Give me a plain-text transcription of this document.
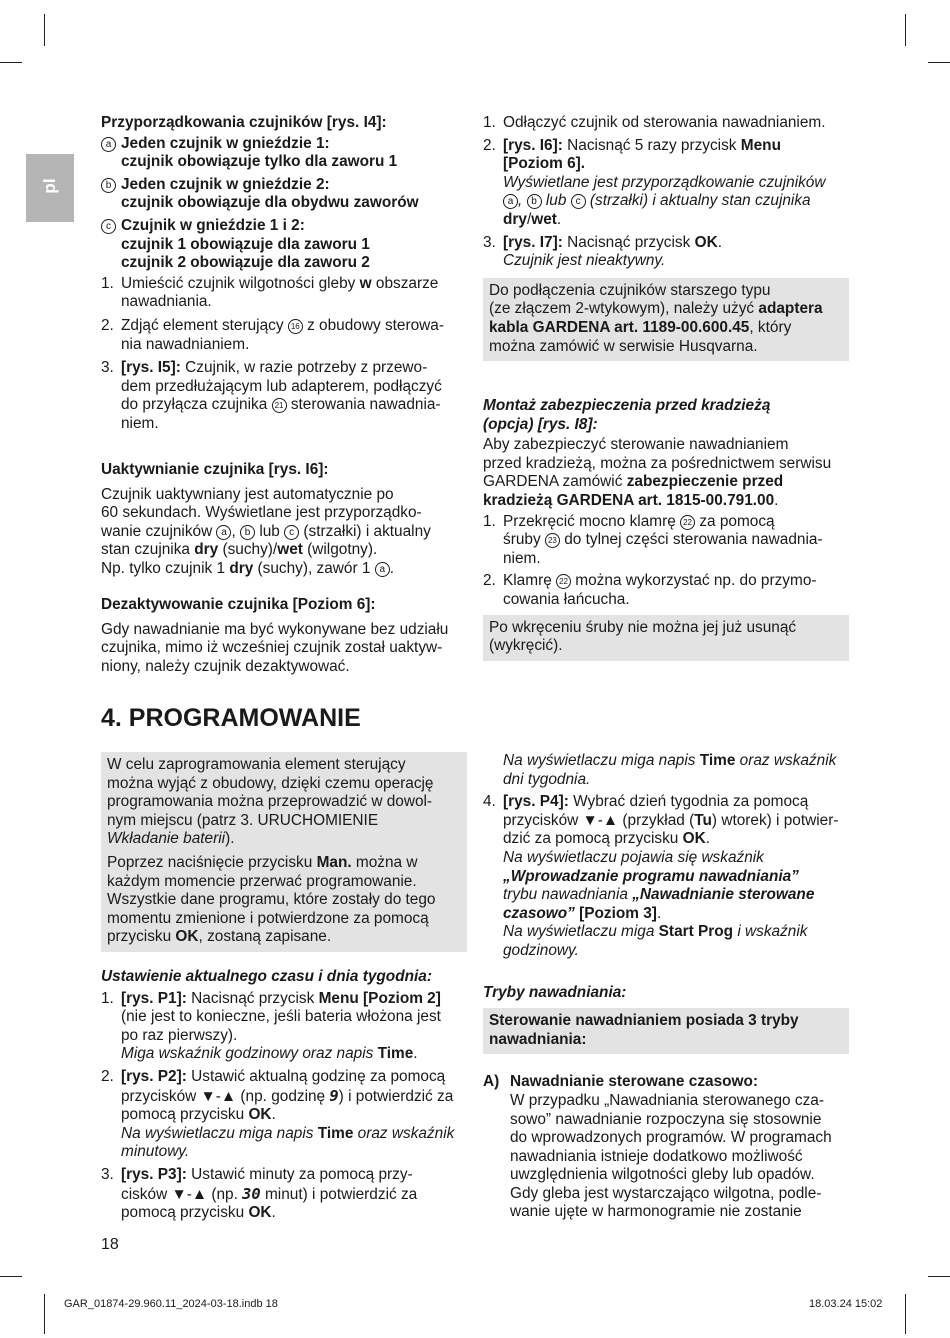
pl

Przyporządkowania czujników [rys. I4]:

a Jeden czujnik w gnieździe 1:
czujnik obowiązuje tylko dla zaworu 1
b Jeden czujnik w gnieździe 2:
czujnik obowiązuje dla obydwu zaworów
c Czujnik w gnieździe 1 i 2:
czujnik 1 obowiązuje dla zaworu 1
czujnik 2 obowiązuje dla zaworu 2
1. Umieścić czujnik wilgotności gleby w obszarze
nawadniania.
2. Zdjąć element sterujący 16 z obudowy sterowa-
nia nawadnianiem.
3. [rys. I5]: Czujnik, w razie potrzeby z przewo-
dem przedłużającym lub adapterem, podłączyć
do przyłącza czujnika 21 sterowania nawadnia-
niem.

Uaktywnianie czujnika [rys. I6]:

Czujnik uaktywniany jest automatycznie po
60 sekundach. Wyświetlane jest przyporządko-
wanie czujników a , b lub c (strzałki) i aktualny
stan czujnika dry (suchy)/wet (wilgotny).
Np. tylko czujnik 1 dry (suchy), zawór 1 a .

Dezaktywowanie czujnika [Poziom 6]:

Gdy nawadnianie ma być wykonywane bez udziału
czujnika, mimo iż wcześniej czujnik został uaktyw-
niony, należy czujnik dezaktywować.
1. Odłączyć czujnik od sterowania nawadnianiem.
2. [rys. I6]: Nacisnąć 5 razy przycisk Menu
[Poziom 6].
Wyświetlane jest przyporządkowanie czujników
a , b lub c (strzałki) i aktualny stan czujnika
dry/wet.
3. [rys. I7]: Nacisnąć przycisk OK.
Czujnik jest nieaktywny.
Do podłączenia czujników starszego typu
(ze złączem 2-wtykowym), należy użyć adaptera
kabla GARDENA art. 1189-00.600.45, który
można zamówić w serwisie Husqvarna.

Montaż zabezpieczenia przed kradzieżą

(opcja) [rys. I8]:

Aby zabezpieczyć sterowanie nawadnianiem
przed kradzieżą, można za pośrednictwem serwisu
GARDENA zamówić zabezpieczenie przed
kradzieżą GARDENA art. 1815-00.791.00.
1. Przekręcić mocno klamrę 22 za pomocą
śruby 23 do tylnej części sterowania nawadnia-
niem.
2. Klamrę 22 można wykorzystać np. do przymo-
cowania łańcucha.
Po wkręceniu śruby nie można jej już usunąć
(wykręcić).
4. PROGRAMOWANIE
W celu zaprogramowania element sterujący
można wyjąć z obudowy, dzięki czemu operację
programowania można przeprowadzić w dowol-
nym miejscu (patrz 3. URUCHOMIENIE
Wkładanie baterii).
Poprzez naciśnięcie przycisku Man. można w
każdym momencie przerwać programowanie.
Wszystkie dane programu, które zostały do tego
momentu zmienione i potwierdzone za pomocą
przycisku OK, zostaną zapisane.

Ustawienie aktualnego czasu i dnia tygodnia:

1. [rys. P1]: Nacisnąć przycisk Menu [Poziom 2]
(nie jest to konieczne, jeśli bateria włożona jest
po raz pierwszy).
Miga wskaźnik godzinowy oraz napis Time.
2. [rys. P2]: Ustawić aktualną godzinę za pomocą
przycisków ▼-▲ (np. godzinę 9) i potwierdzić za
pomocą przycisku OK.
Na wyświetlaczu miga napis Time oraz wskaźnik
minutowy.
3. [rys. P3]: Ustawić minuty za pomocą przy-
cisków ▼-▲ (np. 30 minut) i potwierdzić za
pomocą przycisku OK.
Na wyświetlaczu miga napis Time oraz wskaźnik
dni tygodnia.
4. [rys. P4]: Wybrać dzień tygodnia za pomocą
przycisków ▼-▲ (przykład (Tu) wtorek) i potwier-
dzić za pomocą przycisku OK.
Na wyświetlaczu pojawia się wskaźnik
„Wprowadzanie programu nawadniania”
trybu nawadniania „Nawadnianie sterowane
czasowo” [Poziom 3].
Na wyświetlaczu miga Start Prog i wskaźnik
godzinowy.

Tryby nawadniania:

Sterowanie nawadnianiem posiada 3 tryby
nawadniania:
A) Nawadnianie sterowane czasowo:
W przypadku „Nawadniania sterowanego cza-
sowo” nawadnianie rozpoczyna się stosownie
do wprowadzonych programów. W programach
nawadniania istnieje dodatkowo możliwość
uwzględnienia wilgotności gleby lub opadów.
Gdy gleba jest wystarczająco wilgotna, podle-
wanie ujęte w harmonogramie nie zostanie
18
GAR_01874-29.960.11_2024-03-18.indb 18	18.03.24 15:02
